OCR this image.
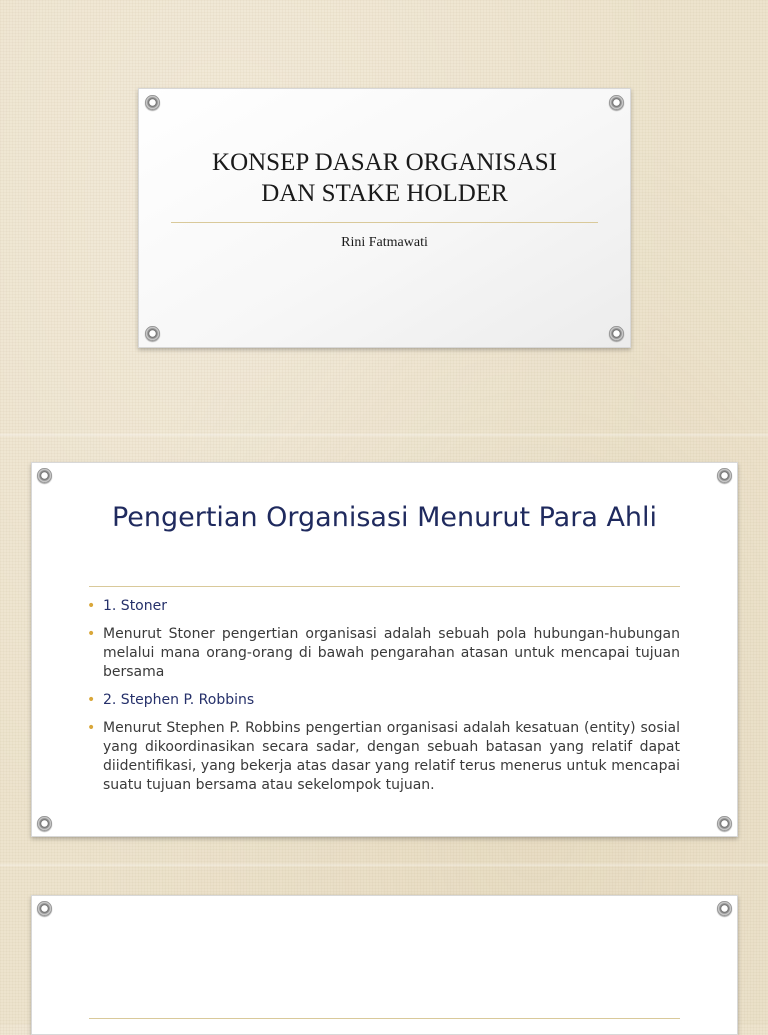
KONSEP DASAR ORGANISASI
DAN STAKE HOLDER
Rini Fatmawati
Pengertian Organisasi Menurut Para Ahli
• 1. Stoner
• Menurut Stoner pengertian organisasi adalah sebuah pola hubungan-hubungan melalui mana orang-orang di bawah pengarahan atasan untuk mencapai tujuan bersama
• 2. Stephen P. Robbins
• Menurut Stephen P. Robbins pengertian organisasi adalah kesatuan (entity) sosial yang dikoordinasikan secara sadar, dengan sebuah batasan yang relatif dapat diidentifikasi, yang bekerja atas dasar yang relatif terus menerus untuk mencapai suatu tujuan bersama atau sekelompok tujuan.
